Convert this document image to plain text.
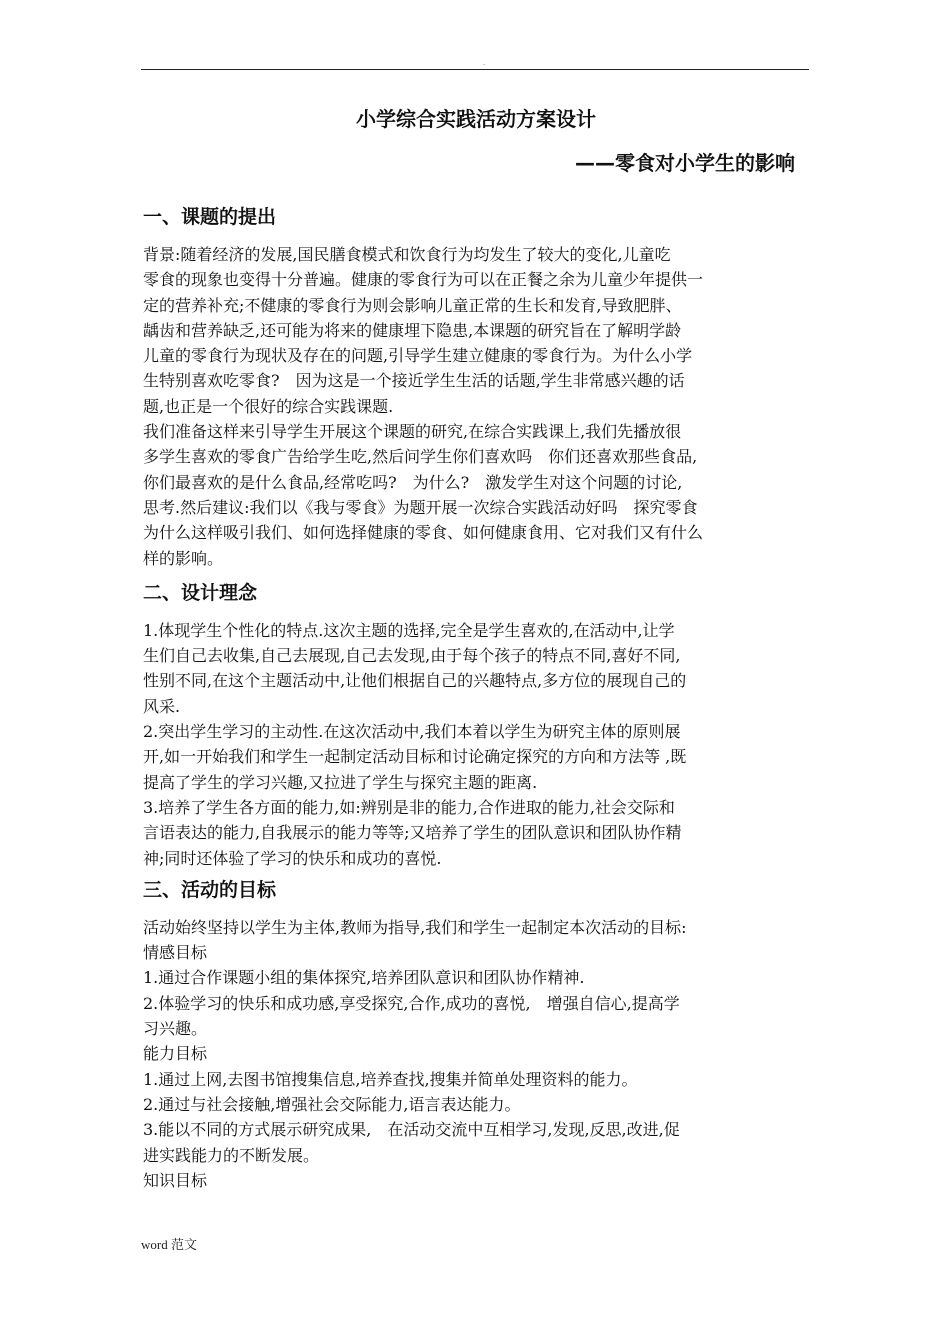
.
小学综合实践活动方案设计
——零食对小学生的影响
一、课题的提出

背景:随着经济的发展,国民膳食模式和饮食行为均发生了较大的变化,儿童吃

零食的现象也变得十分普遍。健康的零食行为可以在正餐之余为儿童少年提供一

定的营养补充;不健康的零食行为则会影响儿童正常的生长和发育,导致肥胖、

龋齿和营养缺乏,还可能为将来的健康埋下隐患,本课题的研究旨在了解明学龄

儿童的零食行为现状及存在的问题,引导学生建立健康的零食行为。为什么小学

生特别喜欢吃零食?　因为这是一个接近学生生活的话题,学生非常感兴趣的话

题,也正是一个很好的综合实践课题.

我们准备这样来引导学生开展这个课题的研究,在综合实践课上,我们先播放很

多学生喜欢的零食广告给学生吃,然后问学生你们喜欢吗　你们还喜欢那些食品,

你们最喜欢的是什么食品,经常吃吗?　为什么?　激发学生对这个问题的讨论,

思考.然后建议:我们以《我与零食》为题开展一次综合实践活动好吗　探究零食

为什么这样吸引我们、如何选择健康的零食、如何健康食用、它对我们又有什么

样的影响。

二、设计理念

1.体现学生个性化的特点.这次主题的选择,完全是学生喜欢的,在活动中,让学

生们自己去收集,自己去展现,自己去发现,由于每个孩子的特点不同,喜好不同,

性别不同,在这个主题活动中,让他们根据自己的兴趣特点,多方位的展现自己的

风采.

2.突出学生学习的主动性.在这次活动中,我们本着以学生为研究主体的原则展

开,如一开始我们和学生一起制定活动目标和讨论确定探究的方向和方法等 ,既

提高了学生的学习兴趣,又拉进了学生与探究主题的距离.

3.培养了学生各方面的能力,如:辨别是非的能力,合作进取的能力,社会交际和

言语表达的能力,自我展示的能力等等;又培养了学生的团队意识和团队协作精

神;同时还体验了学习的快乐和成功的喜悦.

三、活动的目标

活动始终坚持以学生为主体,教师为指导,我们和学生一起制定本次活动的目标:

情感目标

1.通过合作课题小组的集体探究,培养团队意识和团队协作精神.

2.体验学习的快乐和成功感,享受探究,合作,成功的喜悦,　增强自信心,提高学

习兴趣。

能力目标

1.通过上网,去图书馆搜集信息,培养查找,搜集并简单处理资料的能力。

2.通过与社会接触,增强社会交际能力,语言表达能力。

3.能以不同的方式展示研究成果,　在活动交流中互相学习,发现,反思,改进,促

进实践能力的不断发展。

知识目标

word 范文
